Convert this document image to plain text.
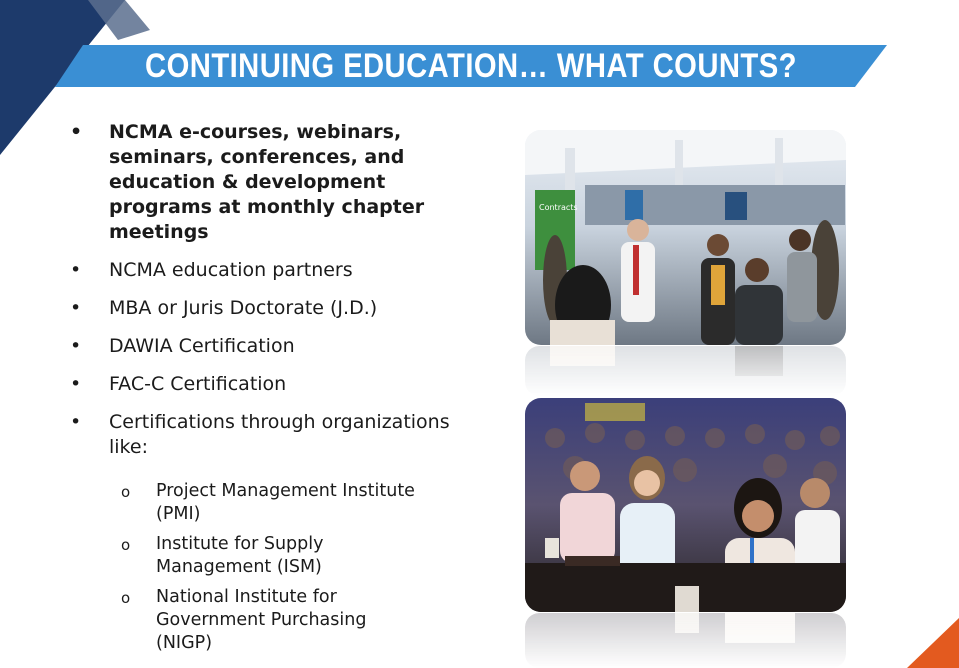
CONTINUING EDUCATION… WHAT COUNTS?
• NCMA e-courses, webinars, seminars, conferences, and education & development programs at monthly chapter meetings
• NCMA education partners
• MBA or Juris Doctorate (J.D.)
• DAWIA Certification
• FAC-C Certification
• Certifications through organizations like:
o Project Management Institute (PMI)
o Institute for Supply Management (ISM)
o National Institute for Government Purchasing (NIGP)
Contracts
